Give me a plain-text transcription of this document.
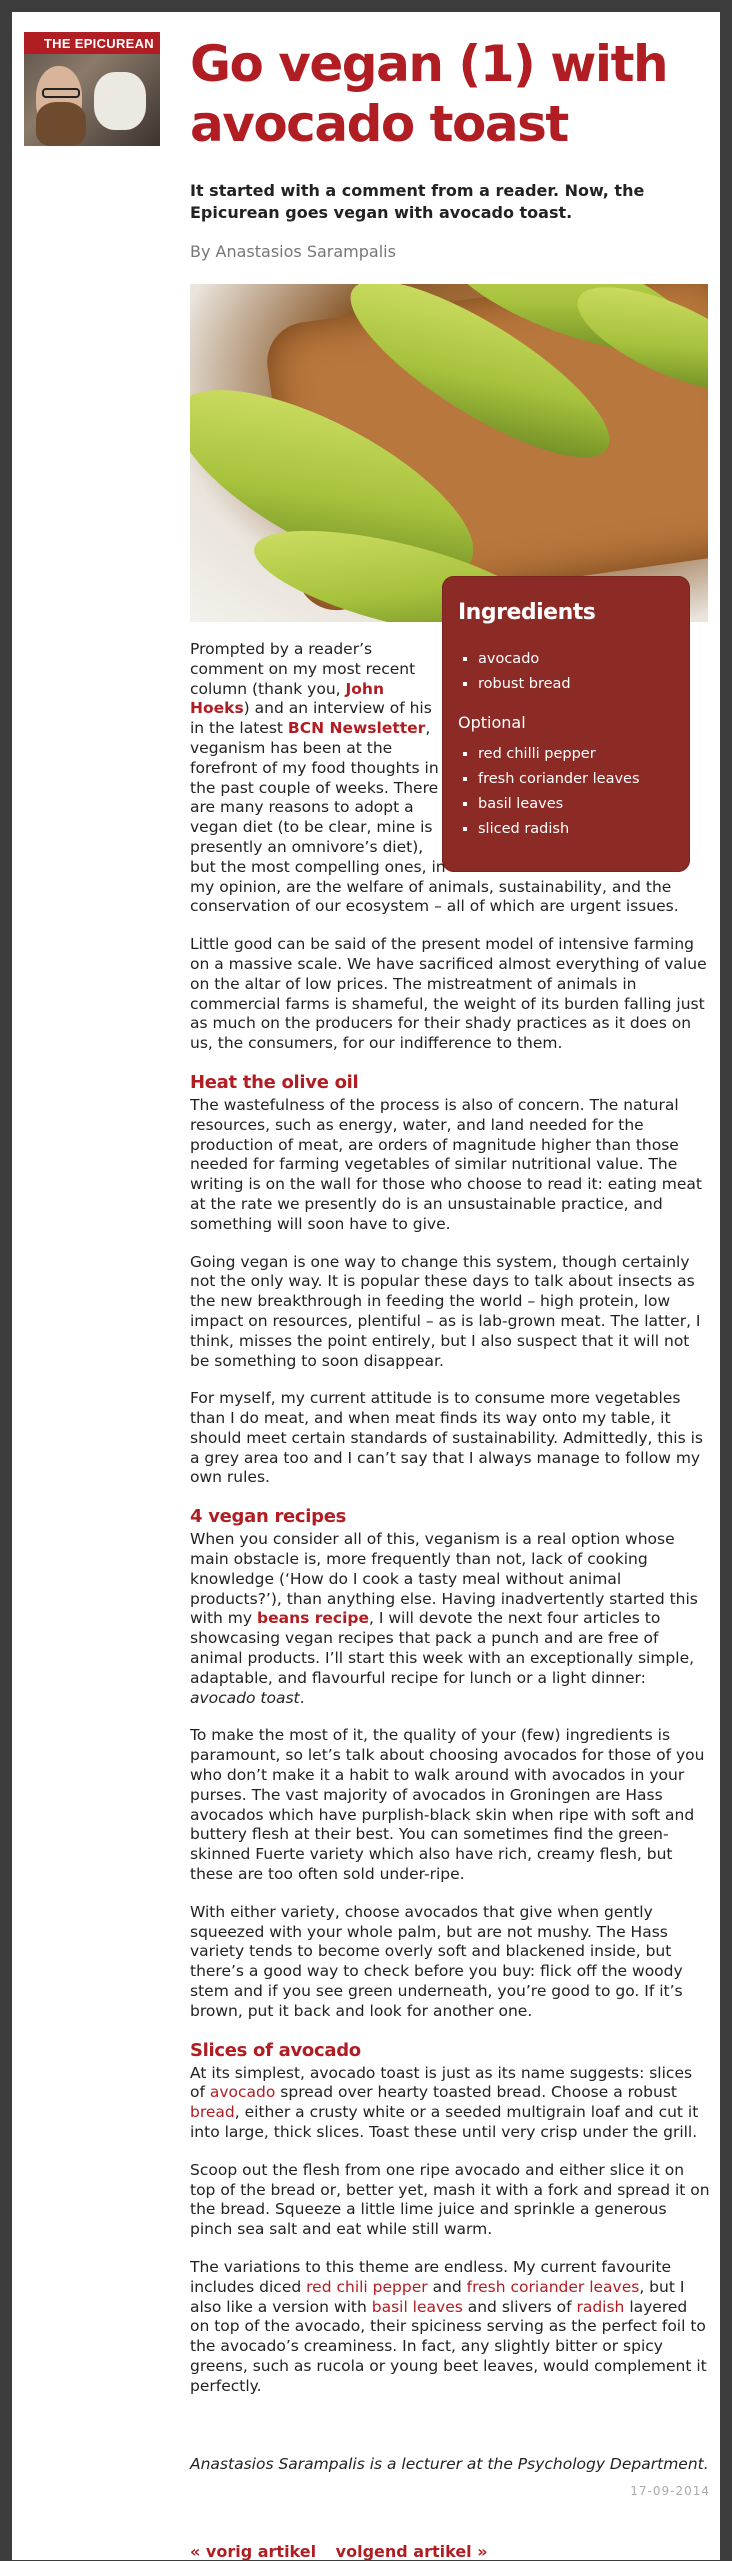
THE EPICUREAN Go vegan (1) with avocado toast

It started with a comment from a reader. Now, the Epicurean goes vegan with avocado toast.

By Anastasios Sarampalis

Ingredients
▪ avocado
▪ robust bread
Optional
▪ red chilli pepper
▪ fresh coriander leaves
▪ basil leaves
▪ sliced radish

Prompted by a reader’s comment on my most recent column (thank you, John Hoeks) and an interview of his in the latest BCN Newsletter, veganism has been at the forefront of my food thoughts in the past couple of weeks. There are many reasons to adopt a vegan diet (to be clear, mine is presently an omnivore’s diet), but the most compelling ones, in my opinion, are the welfare of animals, sustainability, and the conservation of our ecosystem – all of which are urgent issues.

Little good can be said of the present model of intensive farming on a massive scale. We have sacrificed almost everything of value on the altar of low prices. The mistreatment of animals in commercial farms is shameful, the weight of its burden falling just as much on the producers for their shady practices as it does on us, the consumers, for our indifference to them.

Heat the olive oil

The wastefulness of the process is also of concern. The natural resources, such as energy, water, and land needed for the production of meat, are orders of magnitude higher than those needed for farming vegetables of similar nutritional value. The writing is on the wall for those who choose to read it: eating meat at the rate we presently do is an unsustainable practice, and something will soon have to give.

Going vegan is one way to change this system, though certainly not the only way. It is popular these days to talk about insects as the new breakthrough in feeding the world – high protein, low impact on resources, plentiful – as is lab-grown meat. The latter, I think, misses the point entirely, but I also suspect that it will not be something to soon disappear.

For myself, my current attitude is to consume more vegetables than I do meat, and when meat finds its way onto my table, it should meet certain standards of sustainability. Admittedly, this is a grey area too and I can’t say that I always manage to follow my own rules.

4 vegan recipes

When you consider all of this, veganism is a real option whose main obstacle is, more frequently than not, lack of cooking knowledge (‘How do I cook a tasty meal without animal products?’), than anything else. Having inadvertently started this with my beans recipe, I will devote the next four articles to showcasing vegan recipes that pack a punch and are free of animal products. I’ll start this week with an exceptionally simple, adaptable, and flavourful recipe for lunch or a light dinner: avocado toast.

To make the most of it, the quality of your (few) ingredients is paramount, so let’s talk about choosing avocados for those of you who don’t make it a habit to walk around with avocados in your purses. The vast majority of avocados in Groningen are Hass avocados which have purplish-black skin when ripe with soft and buttery flesh at their best. You can sometimes find the green-skinned Fuerte variety which also have rich, creamy flesh, but these are too often sold under-ripe.

With either variety, choose avocados that give when gently squeezed with your whole palm, but are not mushy. The Hass variety tends to become overly soft and blackened inside, but there’s a good way to check before you buy: flick off the woody stem and if you see green underneath, you’re good to go. If it’s brown, put it back and look for another one.

Slices of avocado

At its simplest, avocado toast is just as its name suggests: slices of avocado spread over hearty toasted bread. Choose a robust bread, either a crusty white or a seeded multigrain loaf and cut it into large, thick slices. Toast these until very crisp under the grill.

Scoop out the flesh from one ripe avocado and either slice it on top of the bread or, better yet, mash it with a fork and spread it on the bread. Squeeze a little lime juice and sprinkle a generous pinch sea salt and eat while still warm.

The variations to this theme are endless. My current favourite includes diced red chili pepper and fresh coriander leaves, but I also like a version with basil leaves and slivers of radish layered on top of the avocado, their spiciness serving as the perfect foil to the avocado’s creaminess. In fact, any slightly bitter or spicy greens, such as rucola or young beet leaves, would complement it perfectly.

Anastasios Sarampalis is a lecturer at the Psychology Department.

17-09-2014

« vorig artikel volgend artikel »
